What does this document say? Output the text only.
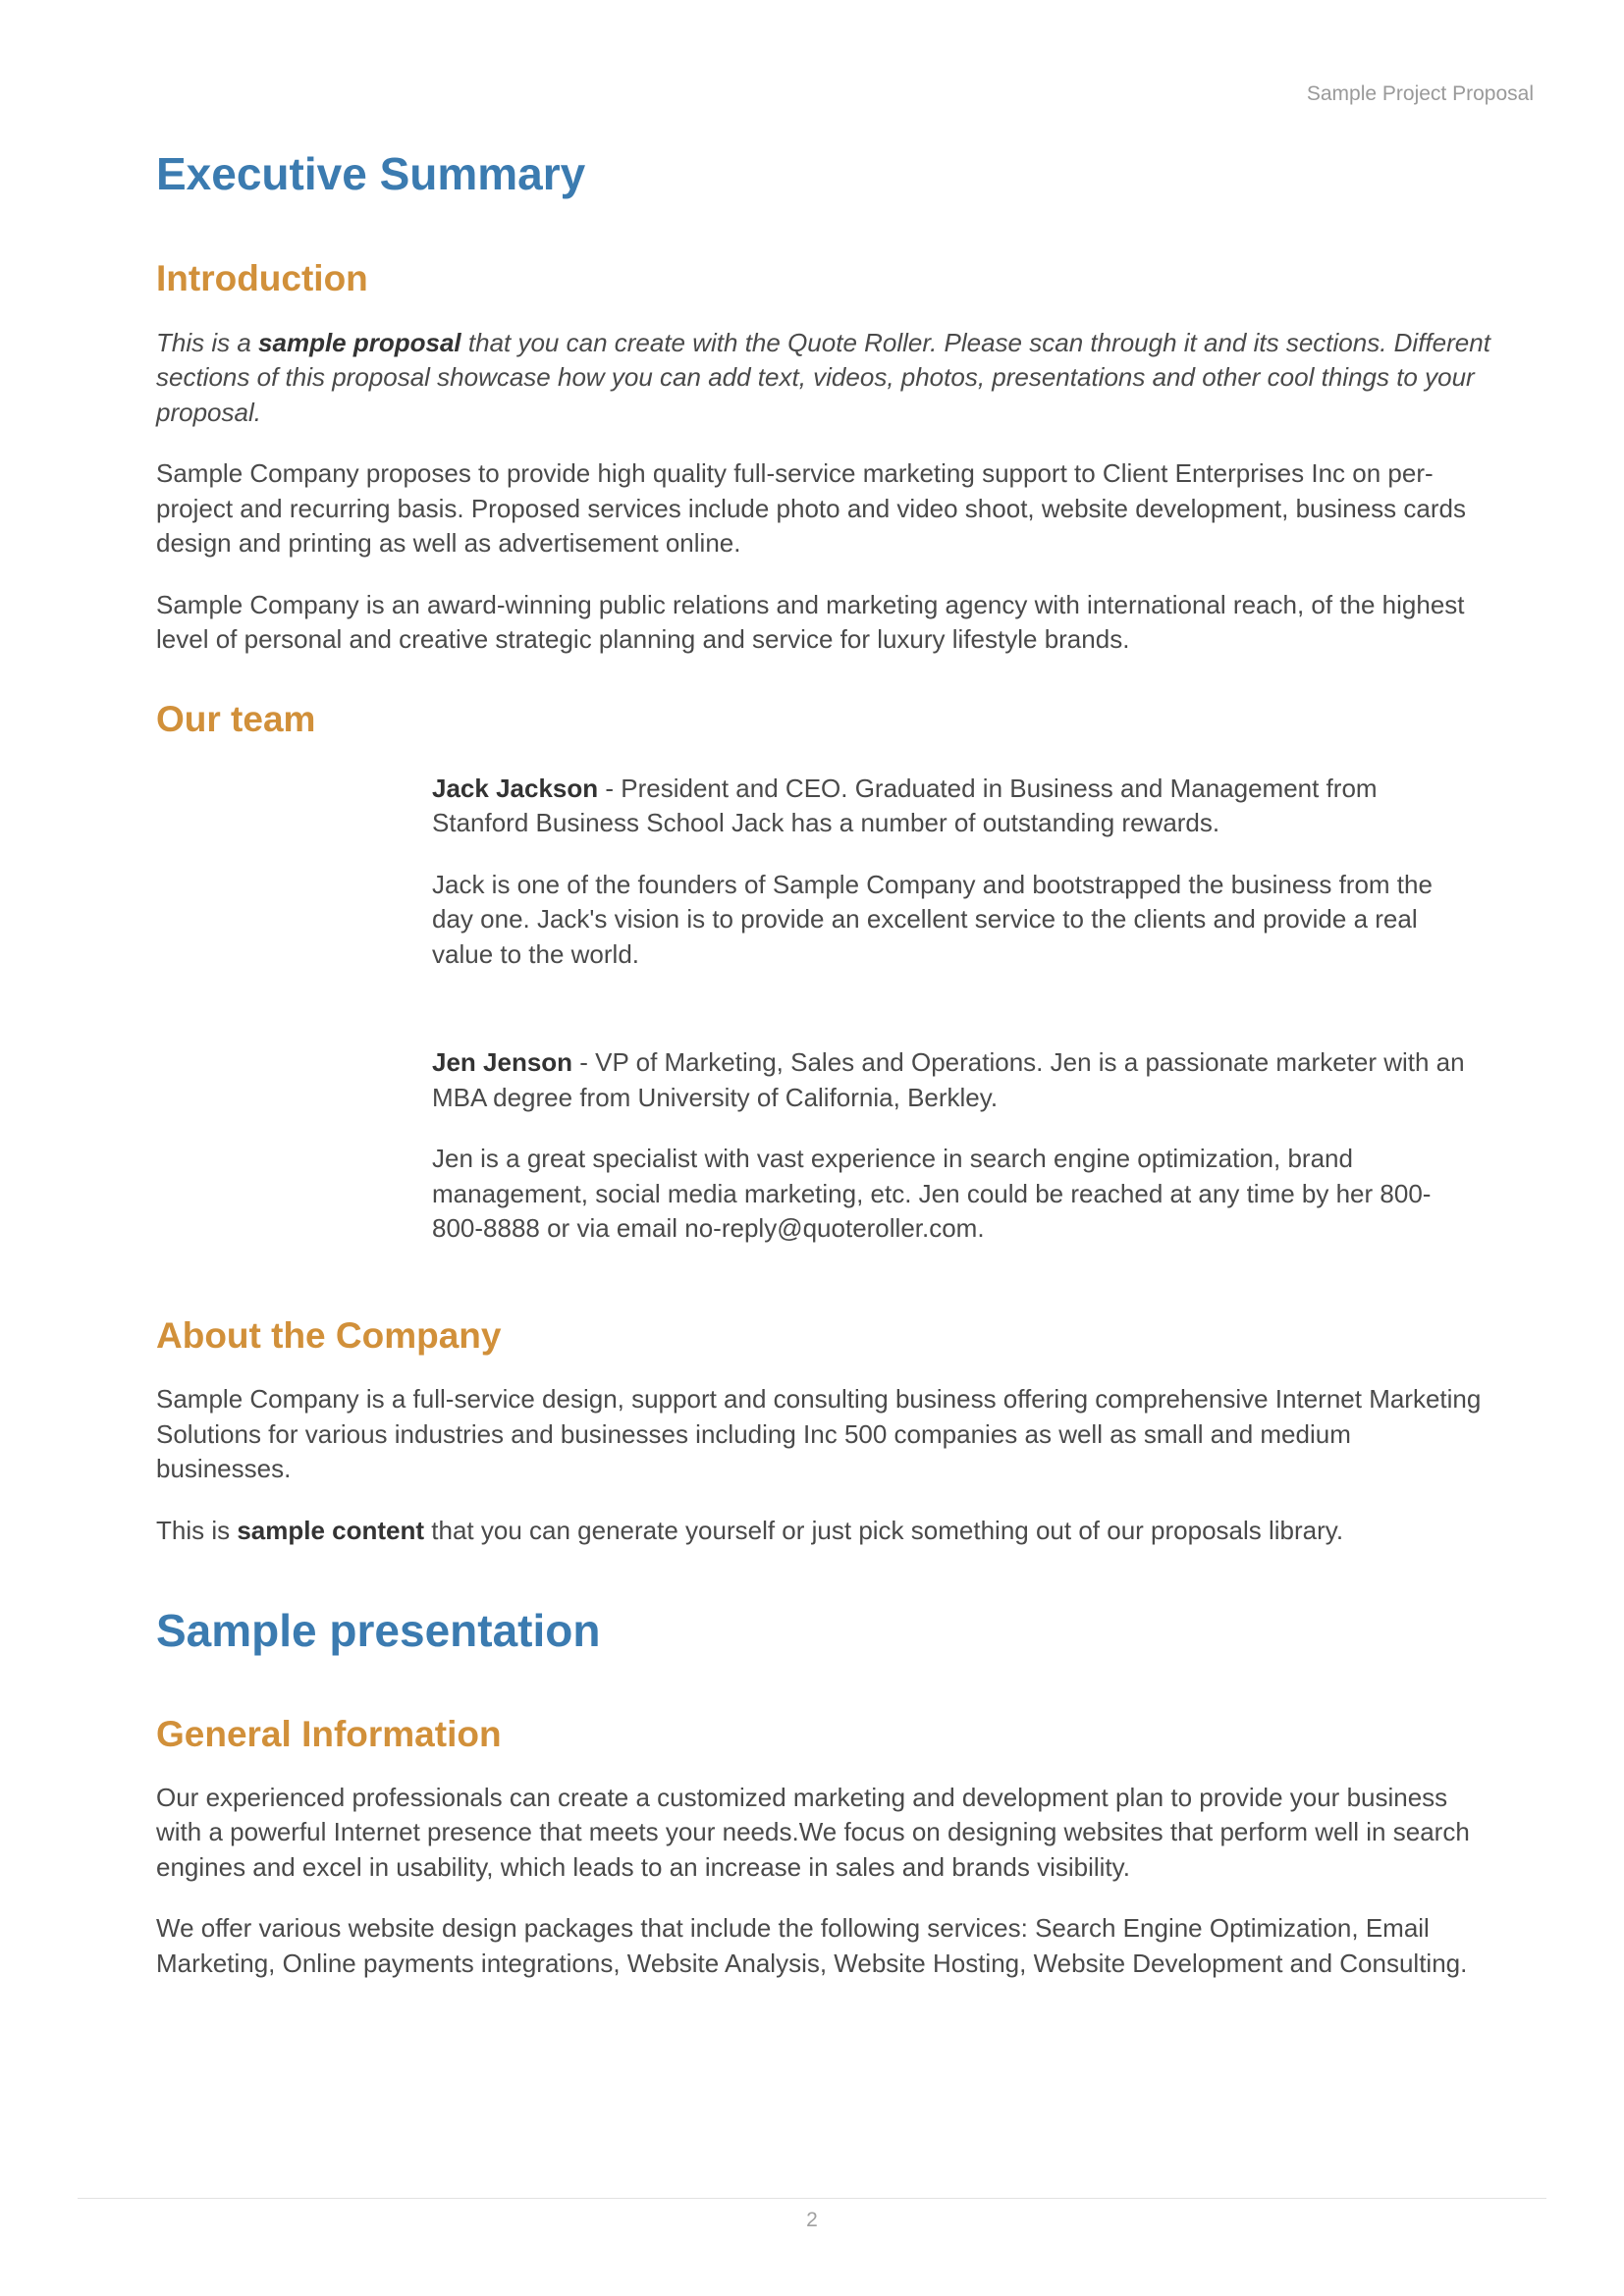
Sample Project Proposal
Executive Summary
Introduction

This is a sample proposal that you can create with the Quote Roller. Please scan through it and its sections. Different sections of this proposal showcase how you can add text, videos, photos, presentations and other cool things to your proposal.

Sample Company proposes to provide high quality full-service marketing support to Client Enterprises Inc on per-project and recurring basis. Proposed services include photo and video shoot, website development, business cards design and printing as well as advertisement online.

Sample Company is an award-winning public relations and marketing agency with international reach, of the highest level of personal and creative strategic planning and service for luxury lifestyle brands.

Our team

Jack Jackson - President and CEO. Graduated in Business and Management from Stanford Business School Jack has a number of outstanding rewards.

Jack is one of the founders of Sample Company and bootstrapped the business from the day one. Jack's vision is to provide an excellent service to the clients and provide a real value to the world.

Jen Jenson - VP of Marketing, Sales and Operations. Jen is a passionate marketer with an MBA degree from University of California, Berkley.

Jen is a great specialist with vast experience in search engine optimization, brand management, social media marketing, etc. Jen could be reached at any time by her 800-800-8888 or via email no-reply@quoteroller.com.

About the Company

Sample Company is a full-service design, support and consulting business offering comprehensive Internet Marketing Solutions for various industries and businesses including Inc 500 companies as well as small and medium businesses.

This is sample content that you can generate yourself or just pick something out of our proposals library.

Sample presentation
General Information

Our experienced professionals can create a customized marketing and development plan to provide your business with a powerful Internet presence that meets your needs.We focus on designing websites that perform well in search engines and excel in usability, which leads to an increase in sales and brands visibility.

We offer various website design packages that include the following services: Search Engine Optimization, Email Marketing, Online payments integrations, Website Analysis, Website Hosting, Website Development and Consulting.

2
